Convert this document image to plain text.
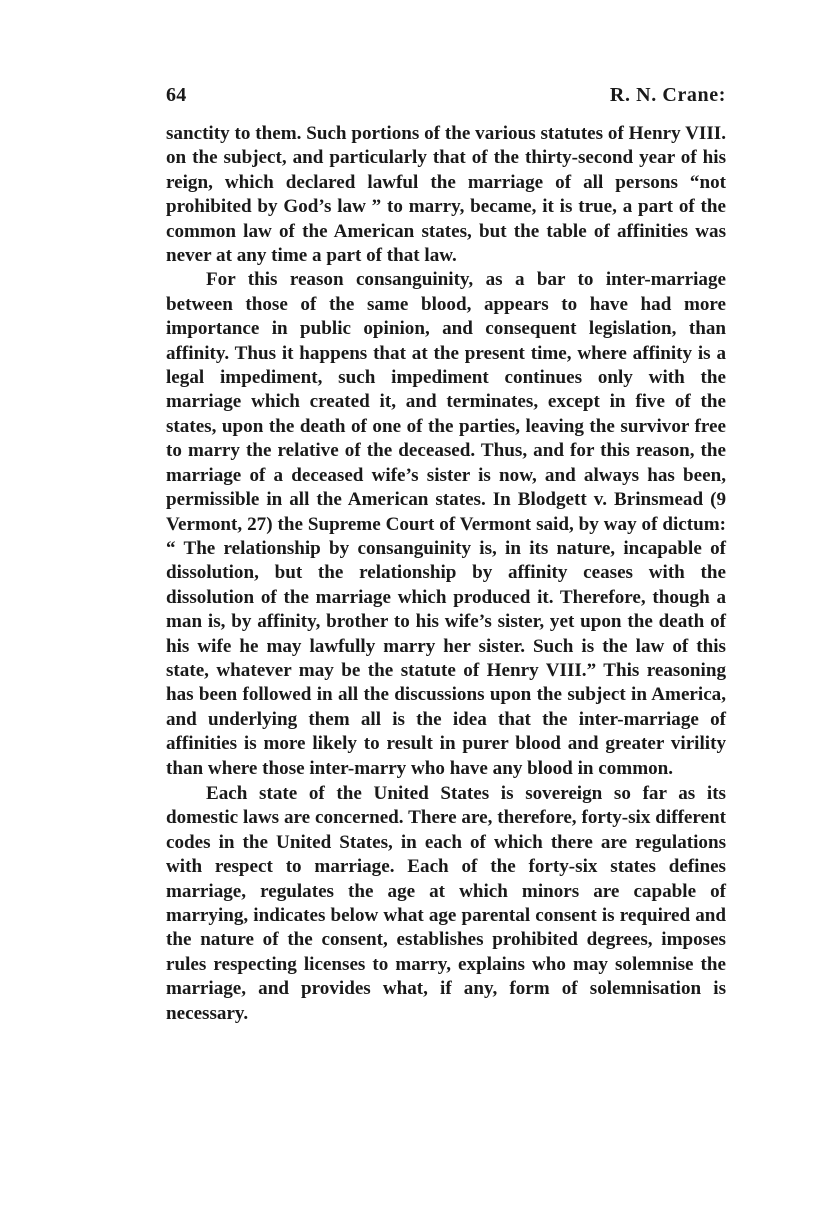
64	R. N. Crane:

sanctity to them. Such portions of the various statutes of Henry VIII. on the subject, and particularly that of the thirty-second year of his reign, which declared lawful the marriage of all persons “not prohibited by God’s law ” to marry, became, it is true, a part of the common law of the American states, but the table of affinities was never at any time a part of that law.

For this reason consanguinity, as a bar to inter-marriage between those of the same blood, appears to have had more importance in public opinion, and consequent legislation, than affinity. Thus it happens that at the present time, where affinity is a legal impediment, such impediment continues only with the marriage which created it, and terminates, except in five of the states, upon the death of one of the parties, leaving the survivor free to marry the relative of the deceased. Thus, and for this reason, the marriage of a deceased wife’s sister is now, and always has been, permissible in all the American states. In Blodgett v. Brinsmead (9 Vermont, 27) the Supreme Court of Vermont said, by way of dictum: “ The relationship by consanguinity is, in its nature, incapable of dissolution, but the relationship by affinity ceases with the dissolution of the marriage which produced it. Therefore, though a man is, by affinity, brother to his wife’s sister, yet upon the death of his wife he may lawfully marry her sister. Such is the law of this state, whatever may be the statute of Henry VIII.” This reasoning has been followed in all the discussions upon the subject in America, and underlying them all is the idea that the inter-marriage of affinities is more likely to result in purer blood and greater virility than where those inter-marry who have any blood in common.

Each state of the United States is sovereign so far as its domestic laws are concerned. There are, therefore, forty-six different codes in the United States, in each of which there are regulations with respect to marriage. Each of the forty-six states defines marriage, regulates the age at which minors are capable of marrying, indicates below what age parental consent is required and the nature of the consent, establishes prohibited degrees, imposes rules respecting licenses to marry, explains who may solemnise the marriage, and provides what, if any, form of solemnisation is necessary.
